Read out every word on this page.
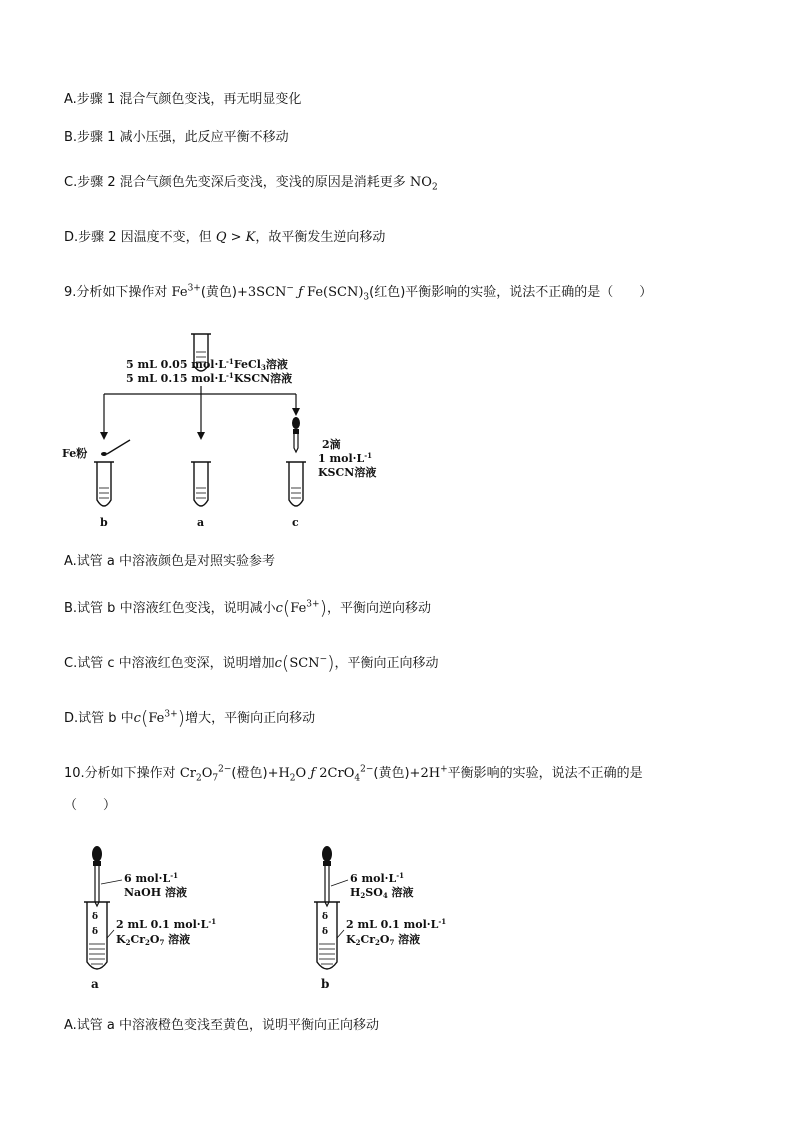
A.步骤 1 混合气颜色变浅，再无明显变化
B.步骤 1 减小压强，此反应平衡不移动
C.步骤 2 混合气颜色先变深后变浅，变浅的原因是消耗更多 $NO_2$
D.步骤 2 因温度不变，但 Q > K，故平衡发生逆向移动
9.分析如下操作对 $Fe^{3+}$(黄色)+3SCN− ƒ $Fe(SCN)_3$(红色)平衡影响的实验，说法不正确的是（　　）
5 mL 0.05 $mol\cdot L^{-1}FeCl3$溶液
5 mL 0.15 $mol\cdot L^{-1}KSCN$溶液
Fe粉
2滴
1 $mol\cdot L^{-1}$
KSCN溶液
b	a	c
A.试管 a 中溶液颜色是对照实验参考
B.试管 b 中溶液红色变浅，说明减小$c(Fe^{3+})$，平衡向逆向移动
C.试管 c 中溶液红色变深，说明增加c(SCN−)，平衡向正向移动
D.试管 b 中$c(Fe^{3+})$增大，平衡向正向移动
10.分析如下操作对 $Cr_2O_7^{2-}$(橙色)$+H_2O$ ƒ 2CrO$_4^{2-}$(黄色)+2H+平衡影响的实验，说法不正确的是
（　　）
6 $mol\cdot L^{-1}$
NaOH 溶液
δ
δ
2 mL 0.1 $mol\cdot L^{-1}$
K2Cr2O7 溶液
a
6 $mol\cdot L^{-1}$
H2SO4 溶液
δ
δ
2 mL 0.1 $mol\cdot L^{-1}$
K2Cr2O7 溶液
b
A.试管 a 中溶液橙色变浅至黄色，说明平衡向正向移动
